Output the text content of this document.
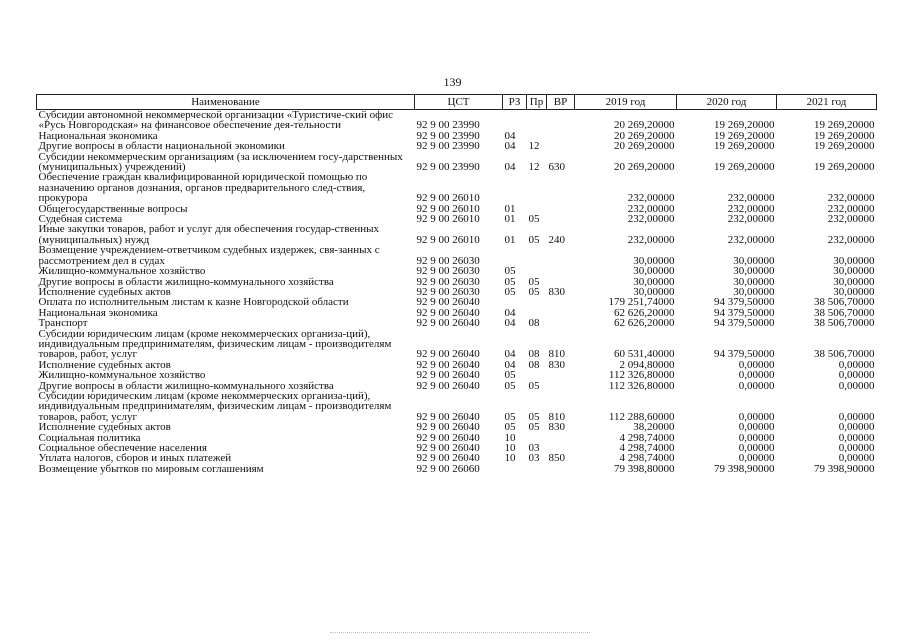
139
Наименование	ЦСТ	РЗ	Пр	ВР	2019 год	2020 год	2021 год
Субсидии автономной некоммерческой организации «Туристиче-ский офис «Русь Новгородская» на финансовое обеспечение дея-тельности	92 9 00 23990				20 269,20000	19 269,20000	19 269,20000
Национальная экономика	92 9 00 23990	04			20 269,20000	19 269,20000	19 269,20000
Другие вопросы в области национальной экономики	92 9 00 23990	04	12		20 269,20000	19 269,20000	19 269,20000
Субсидии некоммерческим организациям (за исключением госу-дарственных (муниципальных) учреждений)	92 9 00 23990	04	12	630	20 269,20000	19 269,20000	19 269,20000
Обеспечение граждан квалифицированной юридической помощью по назначению органов дознания, органов предварительного след-ствия, прокурора	92 9 00 26010				232,00000	232,00000	232,00000
Общегосударственные вопросы	92 9 00 26010	01			232,00000	232,00000	232,00000
Судебная система	92 9 00 26010	01	05		232,00000	232,00000	232,00000
Иные закупки товаров, работ и услуг для обеспечения государ-ственных (муниципальных) нужд	92 9 00 26010	01	05	240	232,00000	232,00000	232,00000
Возмещение учреждением-ответчиком судебных издержек, свя-занных с рассмотрением дел в судах	92 9 00 26030				30,00000	30,00000	30,00000
Жилищно-коммунальное хозяйство	92 9 00 26030	05			30,00000	30,00000	30,00000
Другие вопросы в области жилищно-коммунального хозяйства	92 9 00 26030	05	05		30,00000	30,00000	30,00000
Исполнение судебных актов	92 9 00 26030	05	05	830	30,00000	30,00000	30,00000
Оплата по исполнительным листам к казне Новгородской области	92 9 00 26040				179 251,74000	94 379,50000	38 506,70000
Национальная экономика	92 9 00 26040	04			62 626,20000	94 379,50000	38 506,70000
Транспорт	92 9 00 26040	04	08		62 626,20000	94 379,50000	38 506,70000
Субсидии юридическим лицам (кроме некоммерческих организа-ций), индивидуальным предпринимателям, физическим лицам - производителям товаров, работ, услуг	92 9 00 26040	04	08	810	60 531,40000	94 379,50000	38 506,70000
Исполнение судебных актов	92 9 00 26040	04	08	830	2 094,80000	0,00000	0,00000
Жилищно-коммунальное хозяйство	92 9 00 26040	05			112 326,80000	0,00000	0,00000
Другие вопросы в области жилищно-коммунального хозяйства	92 9 00 26040	05	05		112 326,80000	0,00000	0,00000
Субсидии юридическим лицам (кроме некоммерческих организа-ций), индивидуальным предпринимателям, физическим лицам - производителям товаров, работ, услуг	92 9 00 26040	05	05	810	112 288,60000	0,00000	0,00000
Исполнение судебных актов	92 9 00 26040	05	05	830	38,20000	0,00000	0,00000
Социальная политика	92 9 00 26040	10			4 298,74000	0,00000	0,00000
Социальное обеспечение населения	92 9 00 26040	10	03		4 298,74000	0,00000	0,00000
Уплата налогов, сборов и иных платежей	92 9 00 26040	10	03	850	4 298,74000	0,00000	0,00000
Возмещение убытков по мировым соглашениям	92 9 00 26060				79 398,80000	79 398,90000	79 398,90000
